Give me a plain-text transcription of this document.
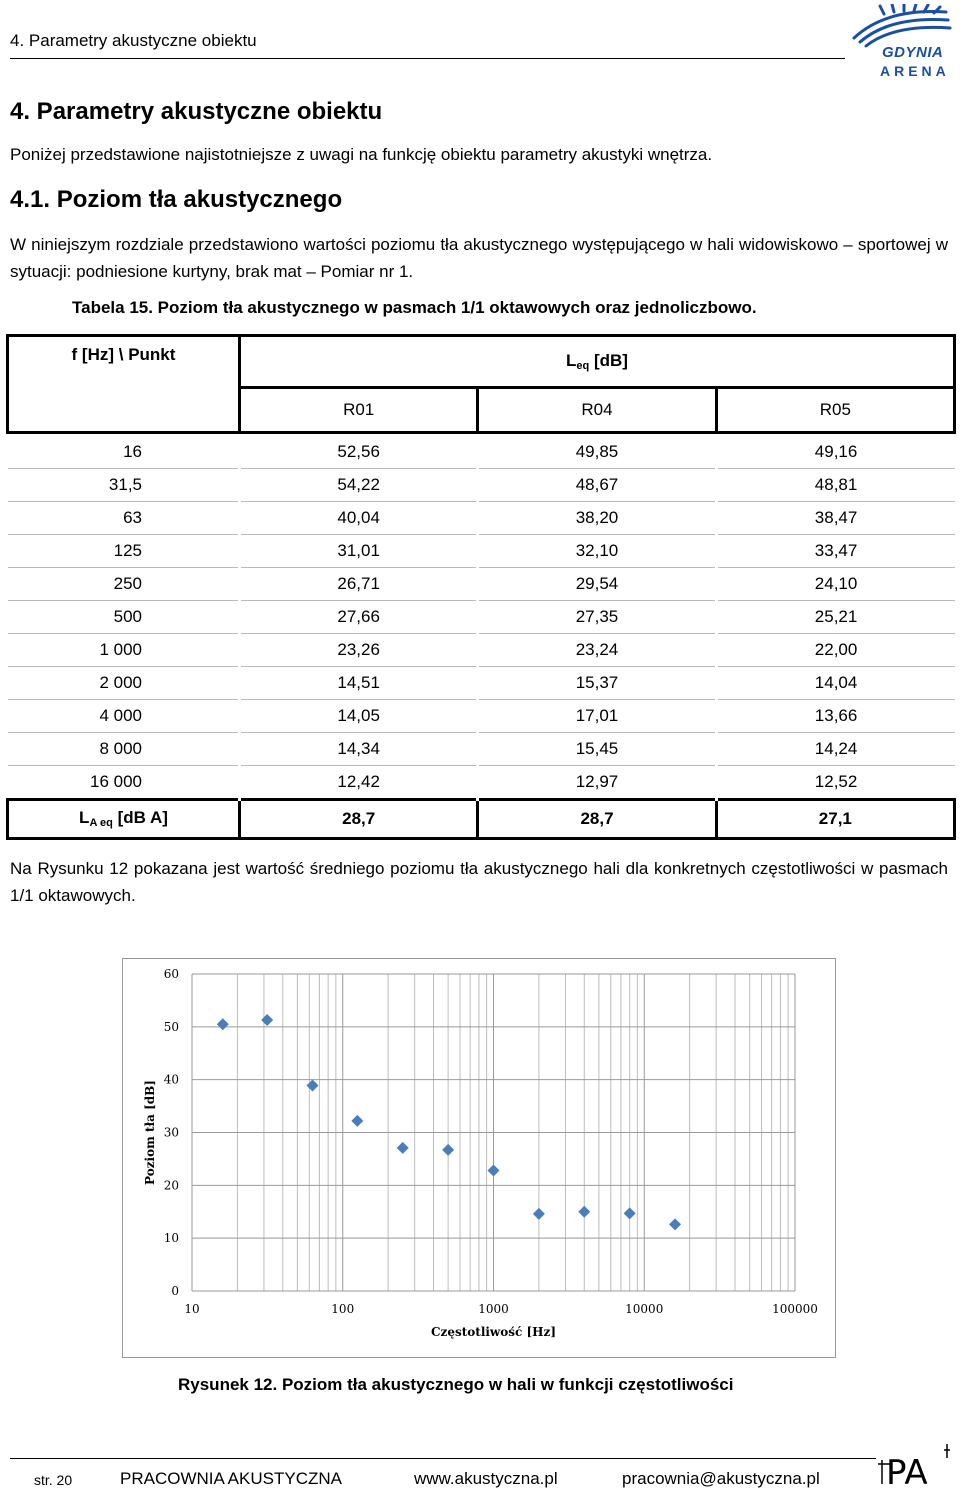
4. Parametry akustyczne obiektu
GDYNIA
ARENA
4. Parametry akustyczne obiektu
Poniżej przedstawione najistotniejsze z uwagi na funkcję obiektu parametry akustyki wnętrza.
4.1. Poziom tła akustycznego
W niniejszym rozdziale przedstawiono wartości poziomu tła akustycznego występującego w hali widowiskowo – sportowej w sytuacji: podniesione kurtyny, brak mat – Pomiar nr 1.
Tabela 15. Poziom tła akustycznego w pasmach 1/1 oktawowych oraz jednoliczbowo.
f [Hz] \ Punkt	$L_{eq}$ [dB]		
	R01	R04	R05

16	52,56	49,85	49,16
31,5	54,22	48,67	48,81
63	40,04	38,20	38,47
125	31,01	32,10	33,47
250	26,71	29,54	24,10
500	27,66	27,35	25,21
1 000	23,26	23,24	22,00
2 000	14,51	15,37	14,04
4 000	14,05	17,01	13,66
8 000	14,34	15,45	14,24
16 000	12,42	12,97	12,52
$L_{A eq}$ [dB A]	28,7	28,7	27,1
Na Rysunku 12 pokazana jest wartość średniego poziomu tła akustycznego hali dla konkretnych częstotliwości w pasmach 1/1 oktawowych.
0
10
20
30
40
50
60
10	100	1000	10000	100000
Częstotliwość [Hz]
Poziom tła [dB]
Rysunek 12. Poziom tła akustycznego w hali w funkcji częstotliwości
str. 20	PRACOWNIA AKUSTYCZNA	www.akustyczna.pl	pracownia@akustyczna.pl PA
